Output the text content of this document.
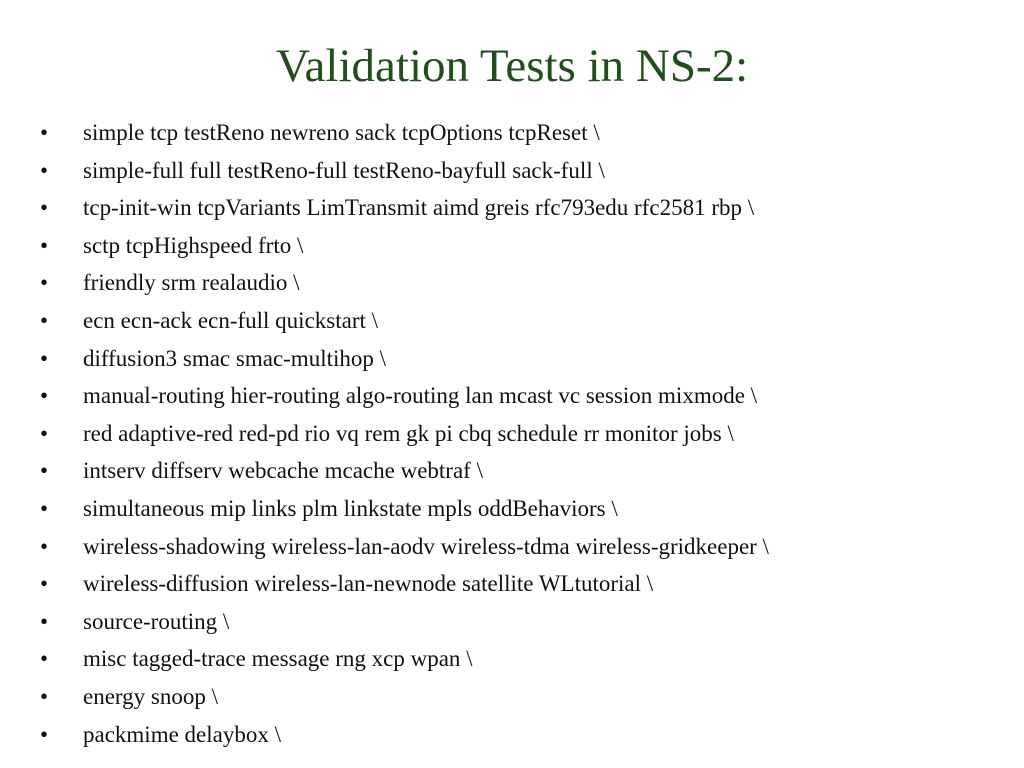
Validation Tests in NS-2:
•	simple tcp testReno newreno sack tcpOptions tcpReset \
•	simple-full full testReno-full testReno-bayfull sack-full \
•	tcp-init-win tcpVariants LimTransmit aimd greis rfc793edu rfc2581 rbp \
•	sctp tcpHighspeed frto \
•	friendly srm realaudio \
•	ecn ecn-ack ecn-full quickstart \
•	diffusion3 smac smac-multihop \
•	manual-routing hier-routing algo-routing lan mcast vc session mixmode \
•	red adaptive-red red-pd rio vq rem gk pi cbq schedule rr monitor jobs \
•	intserv diffserv webcache mcache webtraf \
•	simultaneous mip links plm linkstate mpls oddBehaviors \
•	wireless-shadowing wireless-lan-aodv wireless-tdma wireless-gridkeeper \
•	wireless-diffusion wireless-lan-newnode satellite WLtutorial \
•	source-routing \
•	misc tagged-trace message rng xcp wpan \
•	energy snoop \
•	packmime delaybox \
